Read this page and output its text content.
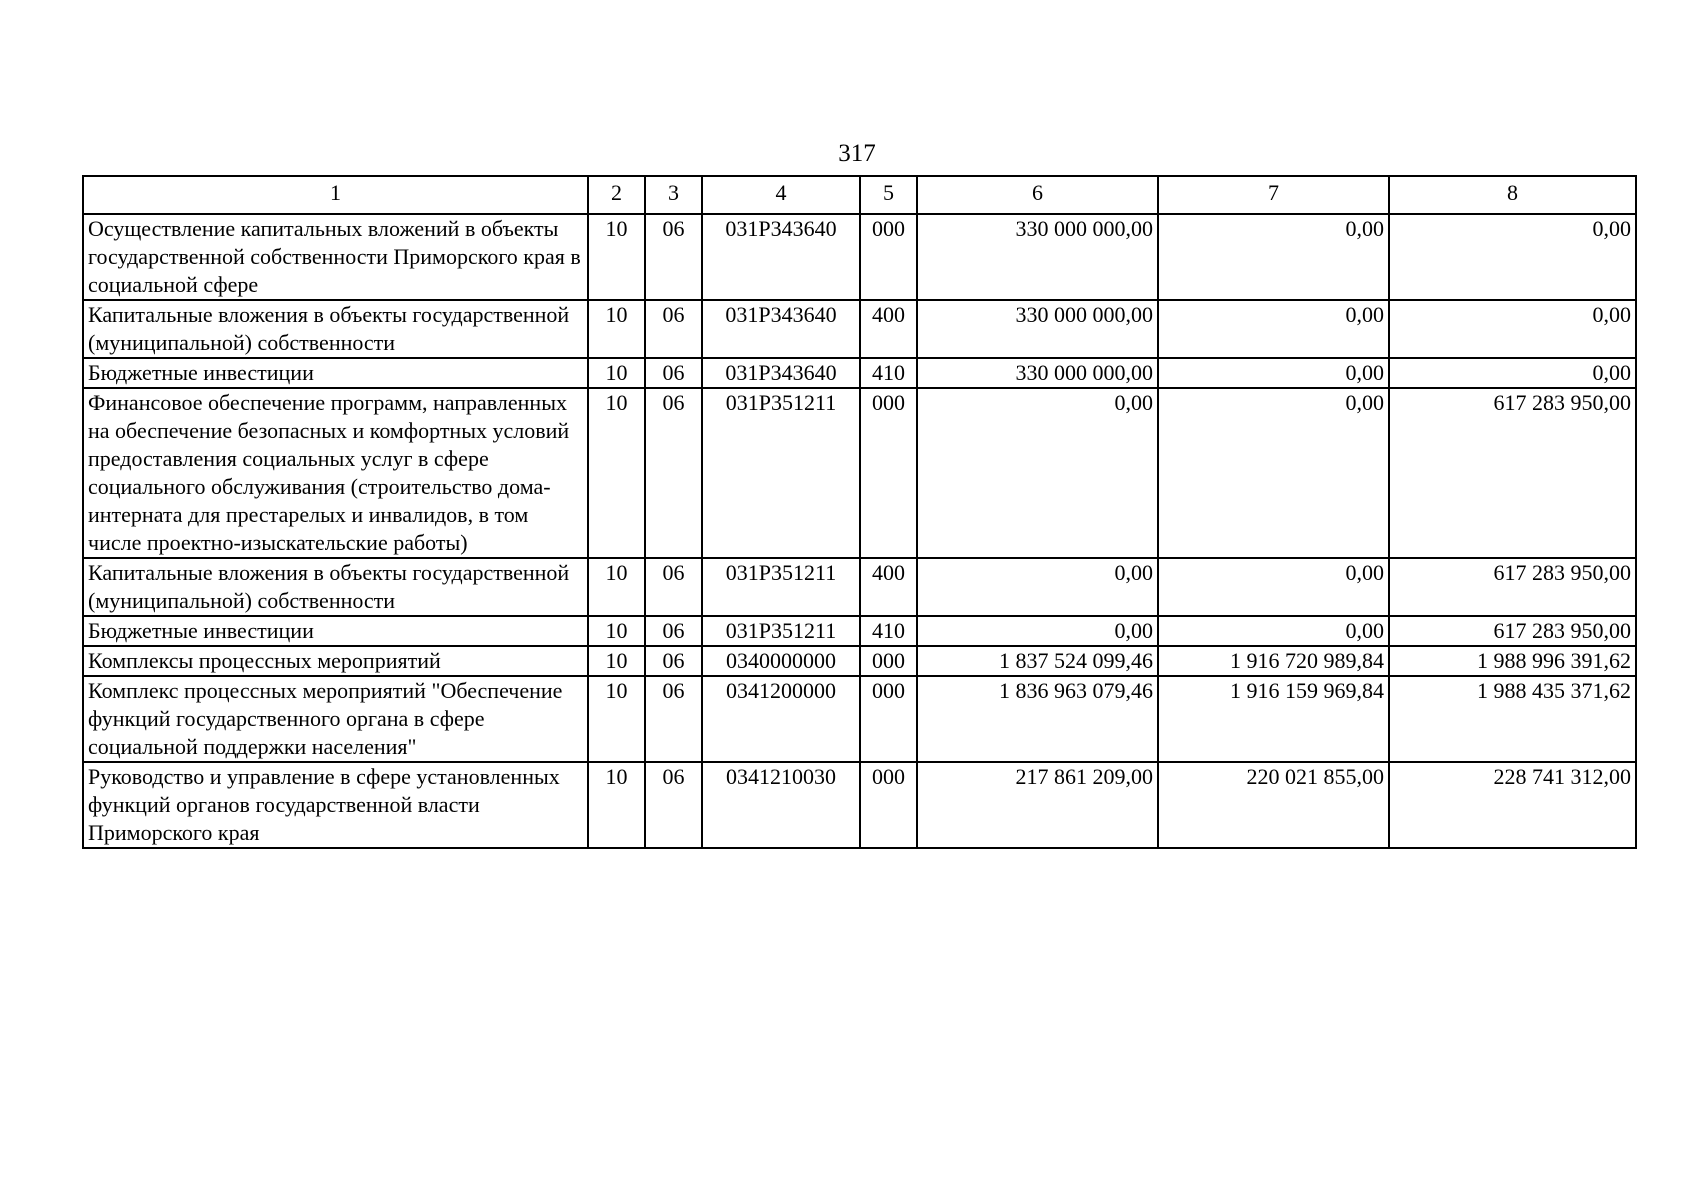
317
1	2	3	4	5	6	7	8
Осуществление капитальных вложений в объекты государственной собственности Приморского края в социальной сфере	10	06	031Р343640	000	330 000 000,00	0,00	0,00
Капитальные вложения в объекты государственной (муниципальной) собственности	10	06	031Р343640	400	330 000 000,00	0,00	0,00
Бюджетные инвестиции	10	06	031Р343640	410	330 000 000,00	0,00	0,00
Финансовое обеспечение программ, направленных на обеспечение безопасных и комфортных условий предоставления социальных услуг в сфере социального обслуживания (строительство дома-интерната для престарелых и инвалидов, в том числе проектно-изыскательские работы)	10	06	031Р351211	000	0,00	0,00	617 283 950,00
Капитальные вложения в объекты государственной (муниципальной) собственности	10	06	031Р351211	400	0,00	0,00	617 283 950,00
Бюджетные инвестиции	10	06	031Р351211	410	0,00	0,00	617 283 950,00
Комплексы процессных мероприятий	10	06	0340000000	000	1 837 524 099,46	1 916 720 989,84	1 988 996 391,62
Комплекс процессных мероприятий "Обеспечение функций государственного органа в сфере социальной поддержки населения"	10	06	0341200000	000	1 836 963 079,46	1 916 159 969,84	1 988 435 371,62
Руководство и управление в сфере установленных функций органов государственной власти Приморского края	10	06	0341210030	000	217 861 209,00	220 021 855,00	228 741 312,00
